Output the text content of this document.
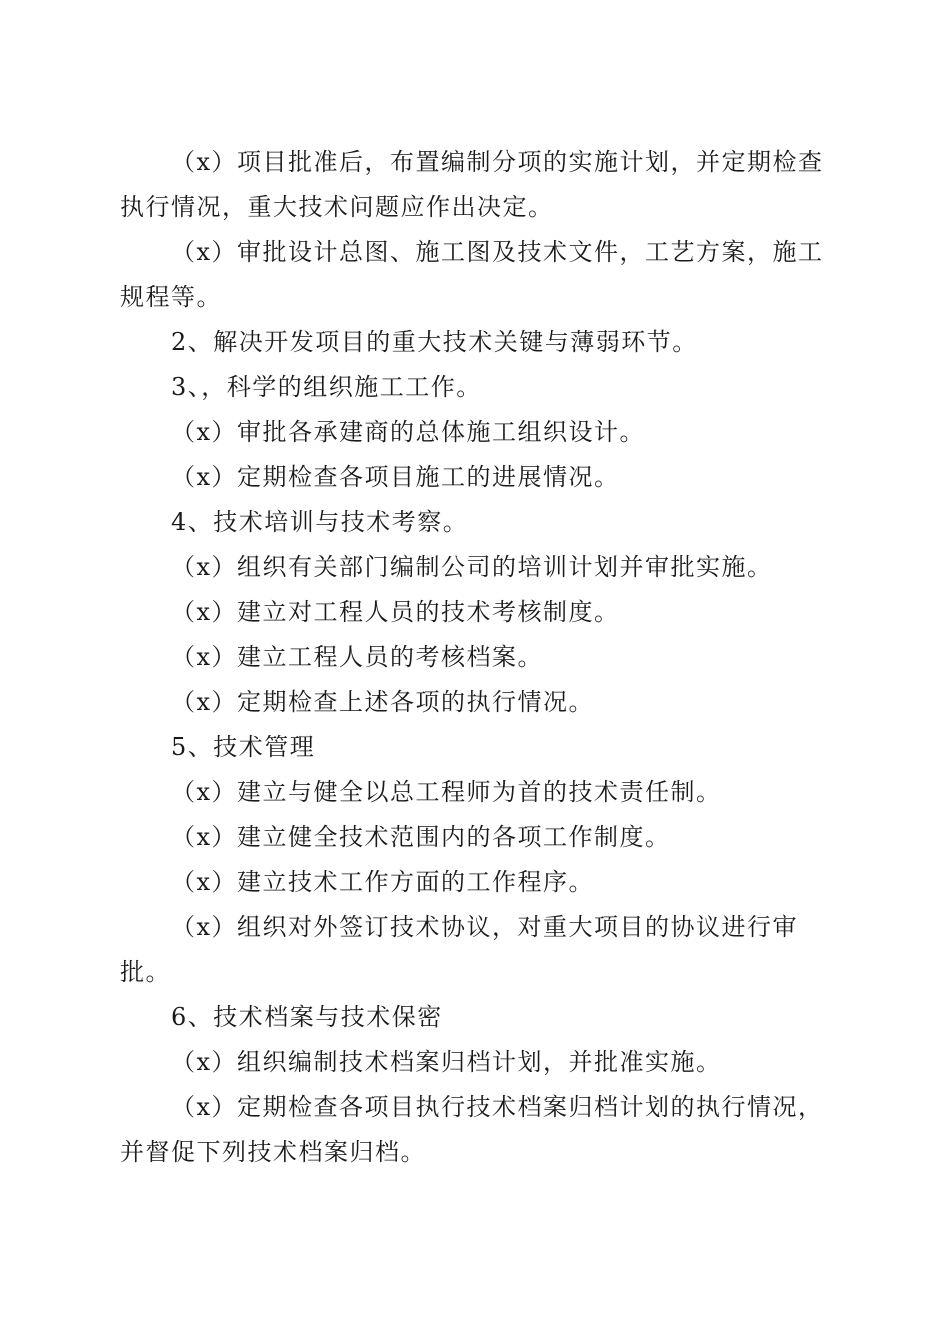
（x）项目批准后，布置编制分项的实施计划，并定期检查执行情况，重大技术问题应作出决定。

（x）审批设计总图、施工图及技术文件，工艺方案，施工规程等。

2、解决开发项目的重大技术关键与薄弱环节。

3、，科学的组织施工工作。

（x）审批各承建商的总体施工组织设计。

（x）定期检查各项目施工的进展情况。

4、技术培训与技术考察。

（x）组织有关部门编制公司的培训计划并审批实施。

（x）建立对工程人员的技术考核制度。

（x）建立工程人员的考核档案。

（x）定期检查上述各项的执行情况。

5、技术管理

（x）建立与健全以总工程师为首的技术责任制。

（x）建立健全技术范围内的各项工作制度。

（x）建立技术工作方面的工作程序。

（x）组织对外签订技术协议，对重大项目的协议进行审批。

6、技术档案与技术保密

（x）组织编制技术档案归档计划，并批准实施。

（x）定期检查各项目执行技术档案归档计划的执行情况，并督促下列技术档案归档。
